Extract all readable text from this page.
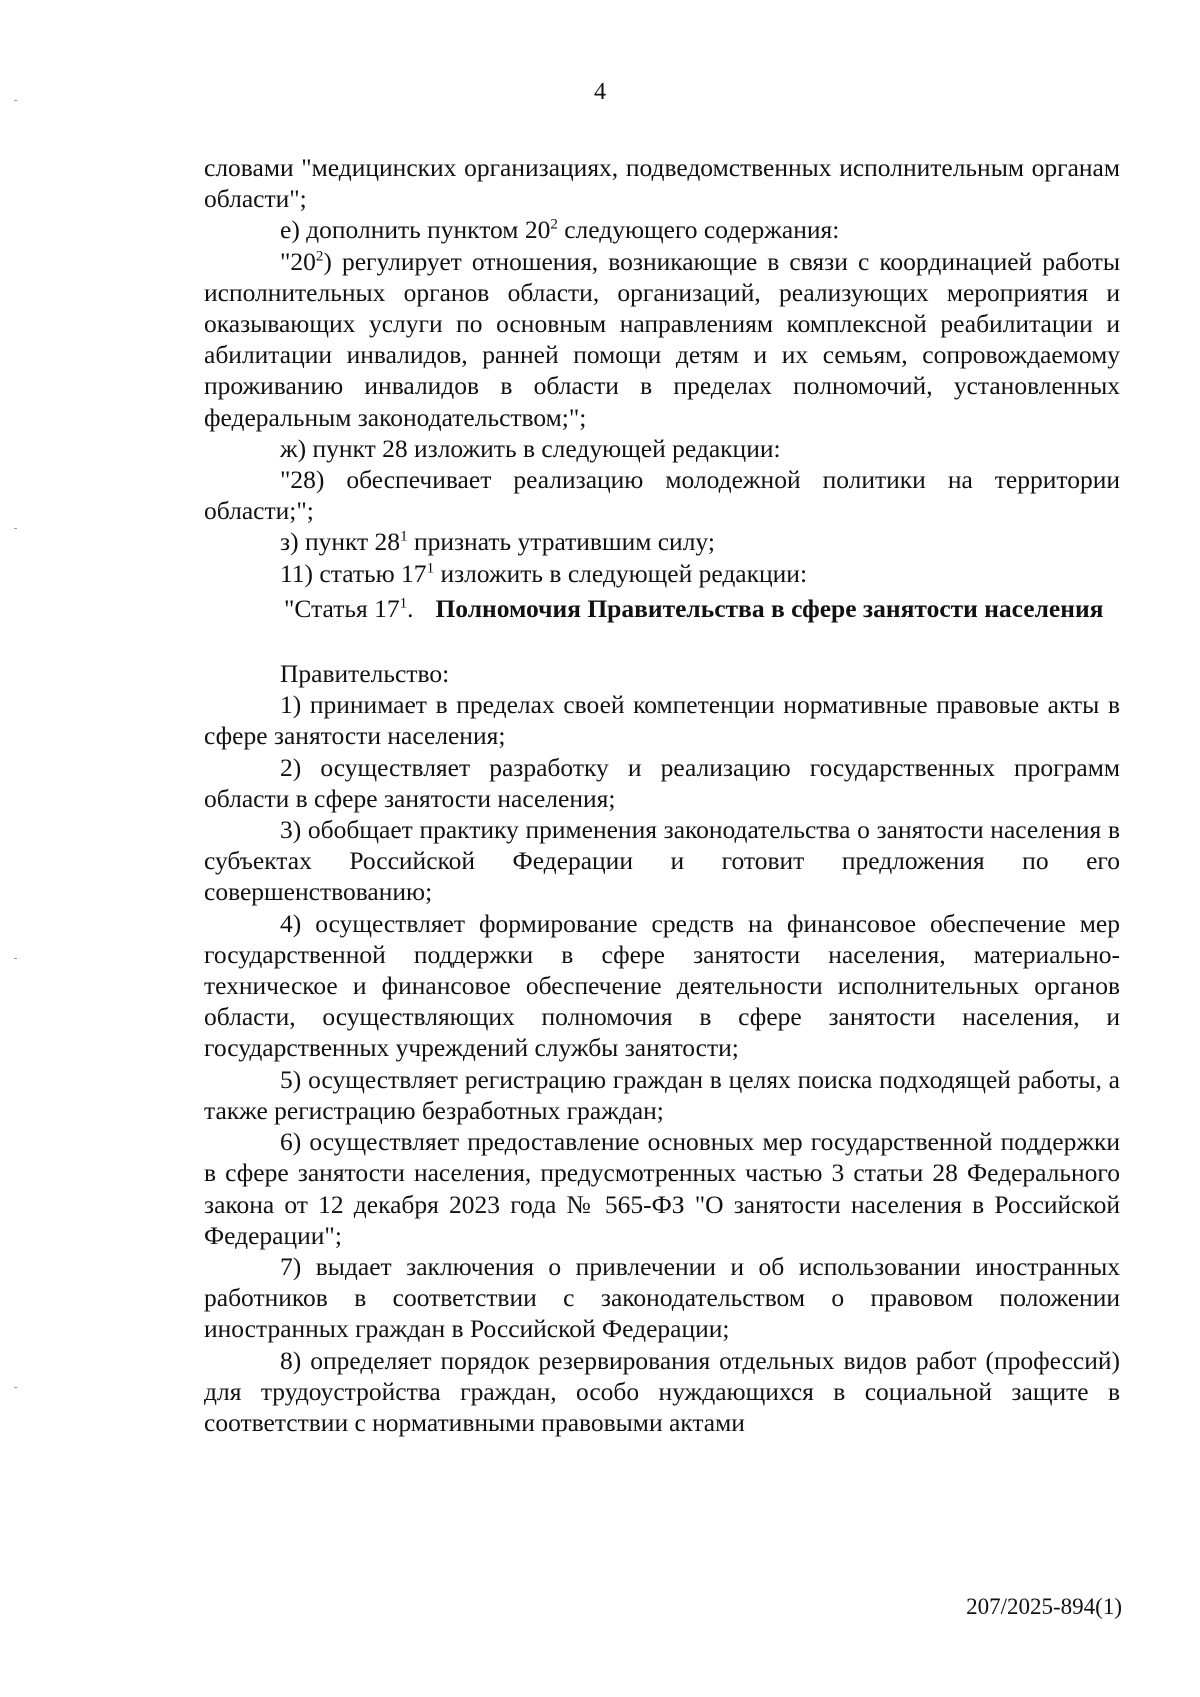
4

словами "медицинских организациях, подведомственных исполнительным органам области";

е) дополнить пунктом $20^2$ следующего содержания:

"$20^2$) регулирует отношения, возникающие в связи с координацией работы исполнительных органов области, организаций, реализующих мероприятия и оказывающих услуги по основным направлениям комплексной реабилитации и абилитации инвалидов, ранней помощи детям и их семьям, сопровождаемому проживанию инвалидов в области в пределах полномочий, установленных федеральным законодательством;";

ж) пункт 28 изложить в следующей редакции:

"28) обеспечивает реализацию молодежной политики на территории области;";

з) пункт $28^1$ признать утратившим силу;

11) статью $17^1$ изложить в следующей редакции:

"Статья $17^1$. Полномочия Правительства в сфере занятости населения

Правительство:

1) принимает в пределах своей компетенции нормативные правовые акты в сфере занятости населения;

2) осуществляет разработку и реализацию государственных программ области в сфере занятости населения;

3) обобщает практику применения законодательства о занятости населения в субъектах Российской Федерации и готовит предложения по его совершенствованию;

4) осуществляет формирование средств на финансовое обеспечение мер государственной поддержки в сфере занятости населения, материально-техническое и финансовое обеспечение деятельности исполнительных органов области, осуществляющих полномочия в сфере занятости населения, и государственных учреждений службы занятости;

5) осуществляет регистрацию граждан в целях поиска подходящей работы, а также регистрацию безработных граждан;

6) осуществляет предоставление основных мер государственной поддержки в сфере занятости населения, предусмотренных частью 3 статьи 28 Федерального закона от 12 декабря 2023 года № 565-ФЗ "О занятости населения в Российской Федерации";

7) выдает заключения о привлечении и об использовании иностранных работников в соответствии с законодательством о правовом положении иностранных граждан в Российской Федерации;

8) определяет порядок резервирования отдельных видов работ (профессий) для трудоустройства граждан, особо нуждающихся в социальной защите в соответствии с нормативными правовыми актами

207/2025-894(1)
